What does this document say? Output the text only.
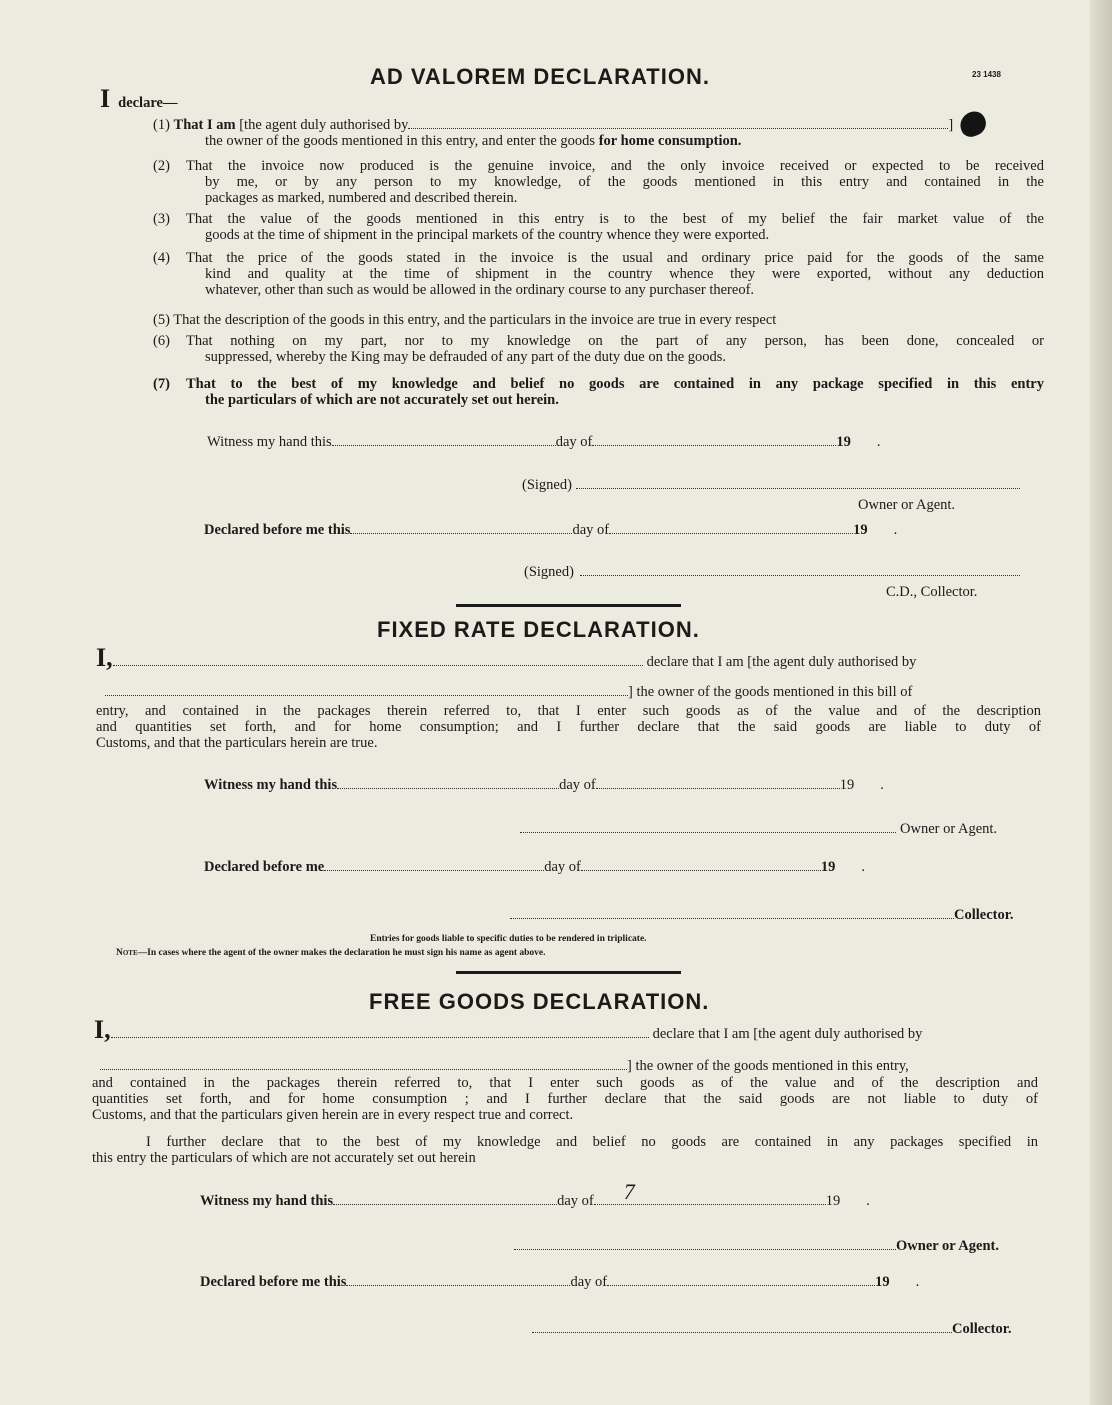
AD VALOREM DECLARATION.	23 1438
I declare—
(1) That I am [the agent duly authorised by	]
the owner of the goods mentioned in this entry, and enter the goods for home consumption.
(2) That the invoice now produced is the genuine invoice, and the only invoice received or expected to be received
by me, or by any person to my knowledge, of the goods mentioned in this entry and contained in the
packages as marked, numbered and described therein.
(3) That the value of the goods mentioned in this entry is to the best of my belief the fair market value of the
goods at the time of shipment in the principal markets of the country whence they were exported.
(4) That the price of the goods stated in the invoice is the usual and ordinary price paid for the goods of the same
kind and quality at the time of shipment in the country whence they were exported, without any deduction
whatever, other than such as would be allowed in the ordinary course to any purchaser thereof.
(5) That the description of the goods in this entry, and the particulars in the invoice are true in every respect
(6) That nothing on my part, nor to my knowledge on the part of any person, has been done, concealed or
suppressed, whereby the King may be defrauded of any part of the duty due on the goods.
(7) That to the best of my knowledge and belief no goods are contained in any package specified in this entry
the particulars of which are not accurately set out herein.
Witness my hand this	day of	19 .
(Signed)
Owner or Agent.
Declared before me this	day of	19 .
(Signed)
C.D., Collector.
FIXED RATE DECLARATION.
I,	declare that I am [the agent duly authorised by
] the owner of the goods mentioned in this bill of
entry, and contained in the packages therein referred to, that I enter such goods as of the value and of the description
and quantities set forth, and for home consumption; and I further declare that the said goods are liable to duty of
Customs, and that the particulars herein are true.
Witness my hand this	day of	19 .
Owner or Agent.
Declared before me	day of	19 .
Collector.
Entries for goods liable to specific duties to be rendered in triplicate.
Note—In cases where the agent of the owner makes the declaration he must sign his name as agent above.
FREE GOODS DECLARATION.
I,	declare that I am [the agent duly authorised by
] the owner of the goods mentioned in this entry,
and contained in the packages therein referred to, that I enter such goods as of the value and of the description and
quantities set forth, and for home consumption ; and I further declare that the said goods are not liable to duty of
Customs, and that the particulars given herein are in every respect true and correct.
I further declare that to the best of my knowledge and belief no goods are contained in any packages specified in
this entry the particulars of which are not accurately set out herein
Witness my hand this	day of 7	19 .
Owner or Agent.
Declared before me this	day of	19 .
Collector.
